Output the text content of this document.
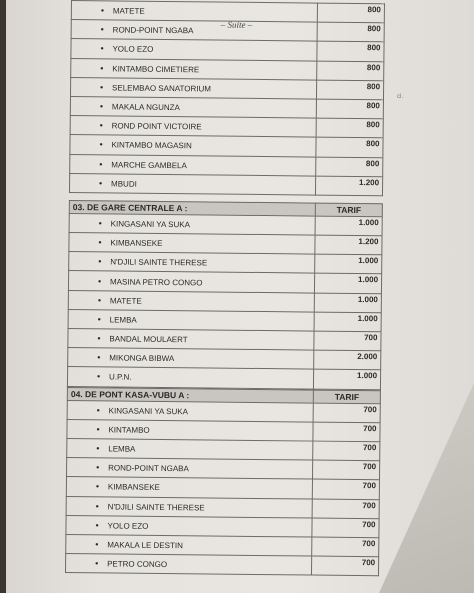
cl.
– Suite –
• MATETE	800
• ROND-POINT NGABA	800
• YOLO EZO	800
• KINTAMBO CIMETIERE	800
• SELEMBAO SANATORIUM	800
• MAKALA NGUNZA	800
• ROND POINT VICTOIRE	800
• KINTAMBO MAGASIN	800
• MARCHE GAMBELA	800
• MBUDI	1.200
03. DE GARE CENTRALE A :	TARIF
• KINGASANI YA SUKA	1.000
• KIMBANSEKE	1.200
• N'DJILI SAINTE THERESE	1.000
• MASINA PETRO CONGO	1.000
• MATETE	1.000
• LEMBA	1.000
• BANDAL MOULAERT	700
• MIKONGA BIBWA	2.000
• U.P.N.	1.000
04. DE PONT KASA-VUBU A :	TARIF
• KINGASANI YA SUKA	700
• KINTAMBO	700
• LEMBA	700
• ROND-POINT NGABA	700
• KIMBANSEKE	700
• N'DJILI SAINTE THERESE	700
• YOLO EZO	700
• MAKALA LE DESTIN	700
• PETRO CONGO	700
